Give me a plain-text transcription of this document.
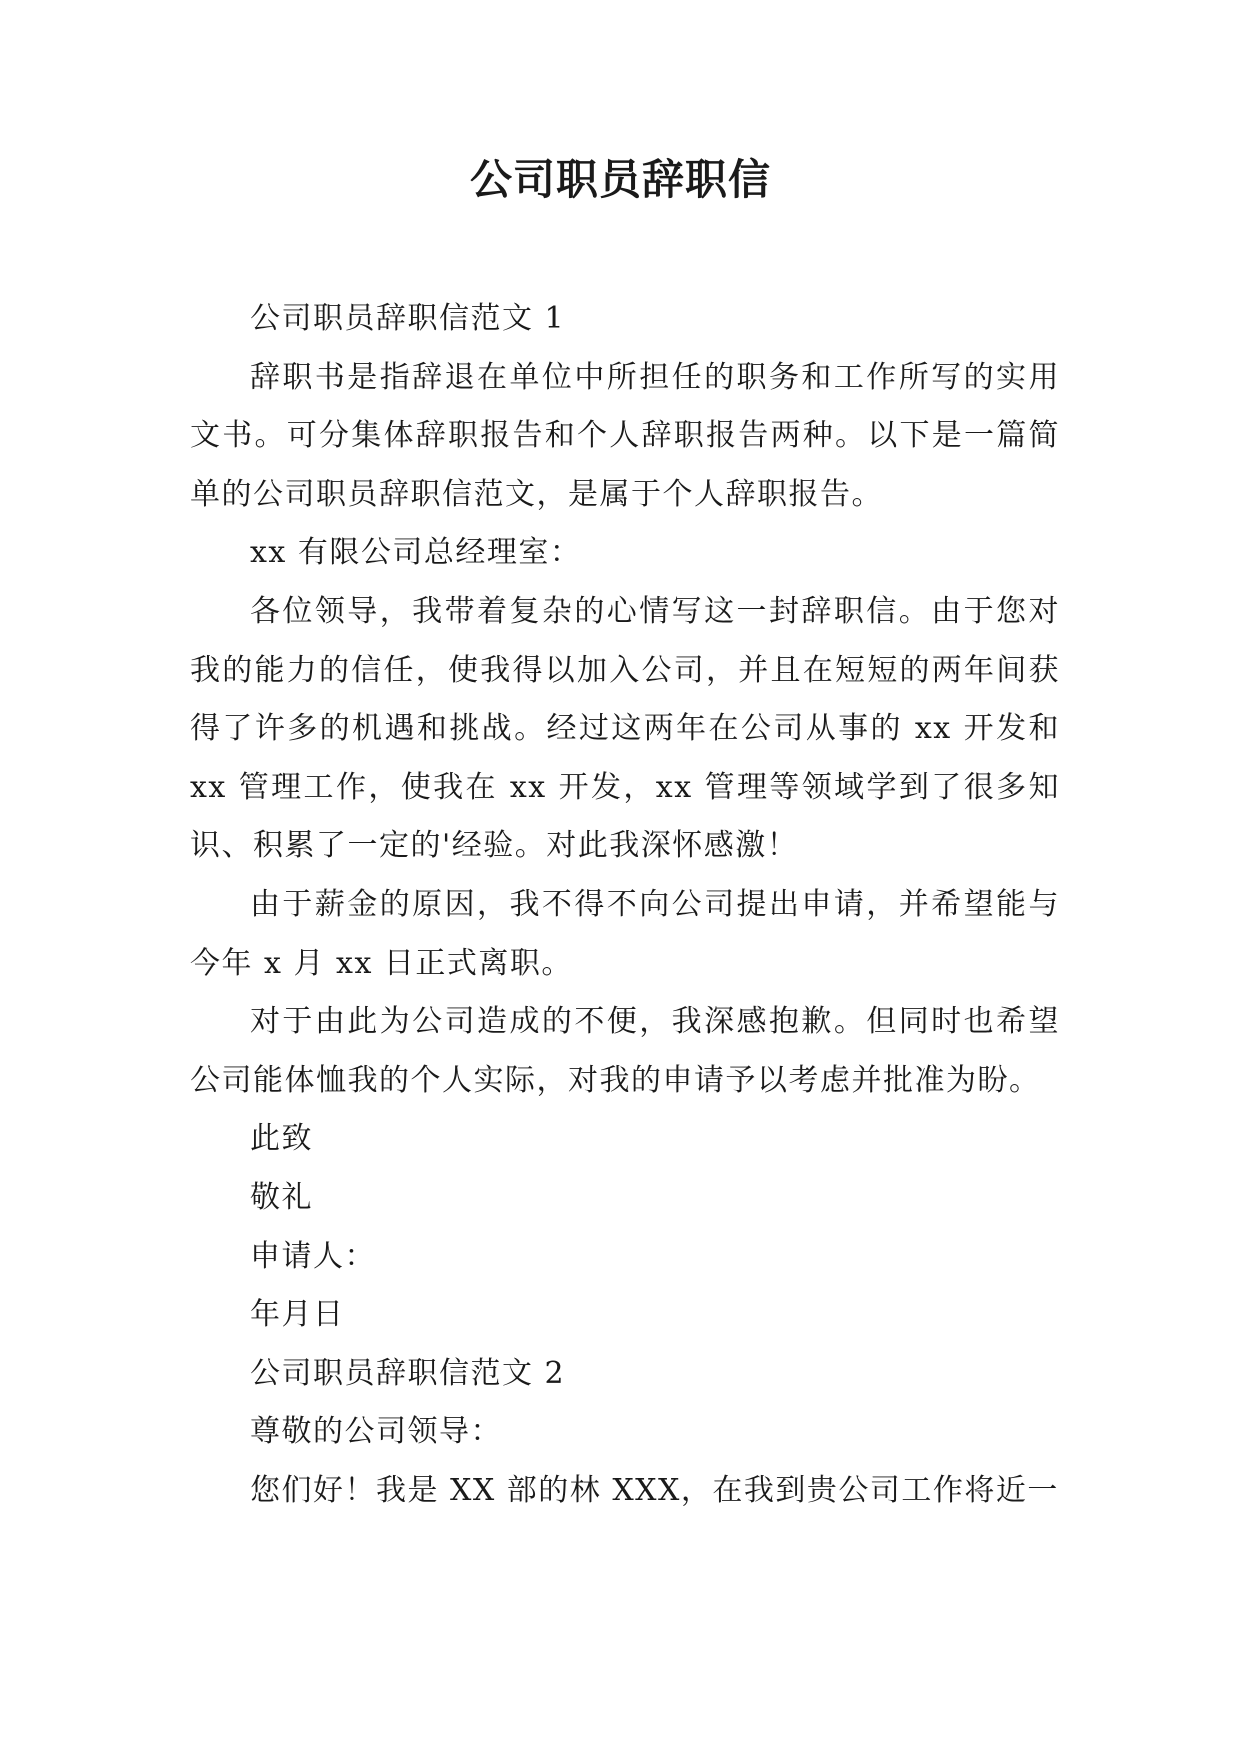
公司职员辞职信

公司职员辞职信范文 1

辞职书是指辞退在单位中所担任的职务和工作所写的实用文书。可分集体辞职报告和个人辞职报告两种。以下是一篇简单的公司职员辞职信范文，是属于个人辞职报告。

xx 有限公司总经理室：

各位领导，我带着复杂的心情写这一封辞职信。由于您对我的能力的信任，使我得以加入公司，并且在短短的两年间获得了许多的机遇和挑战。经过这两年在公司从事的 xx 开发和 xx 管理工作，使我在 xx 开发，xx 管理等领域学到了很多知识、积累了一定的'经验。对此我深怀感激！

由于薪金的原因，我不得不向公司提出申请，并希望能与今年 x 月 xx 日正式离职。

对于由此为公司造成的不便，我深感抱歉。但同时也希望公司能体恤我的个人实际，对我的申请予以考虑并批准为盼。

此致

敬礼

申请人：

年月日

公司职员辞职信范文 2

尊敬的公司领导：

您们好！我是 XX 部的林 XXX，在我到贵公司工作将近一
